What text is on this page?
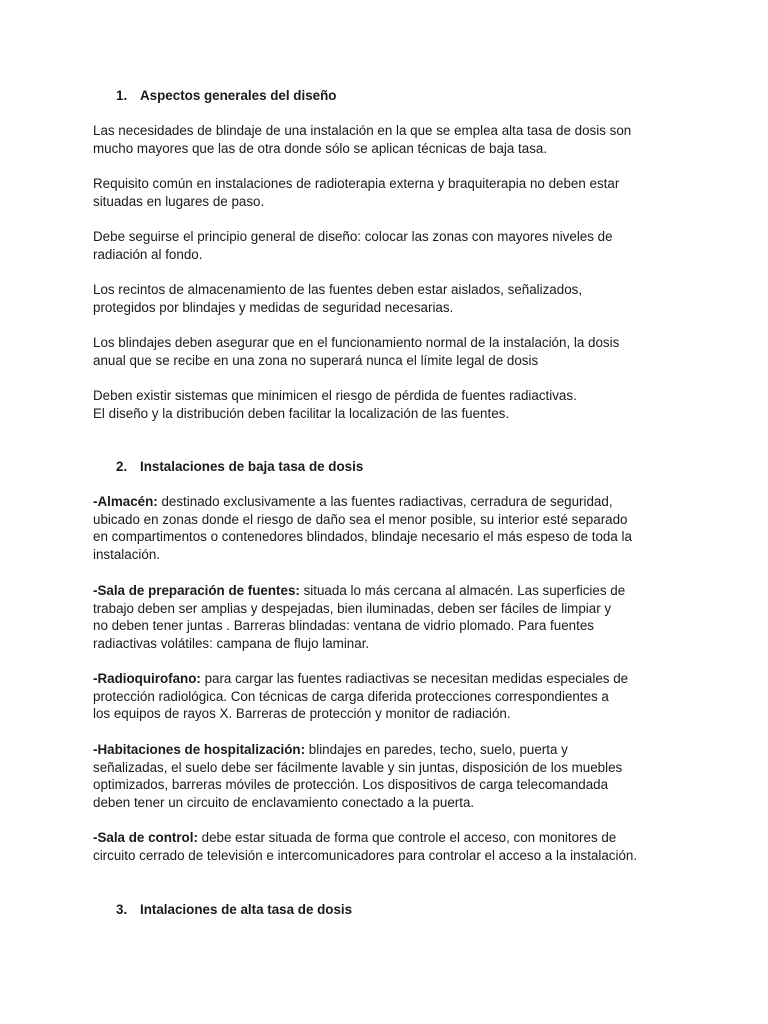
1. Aspectos generales del diseño

Las necesidades de blindaje de una instalación en la que se emplea alta tasa de dosis son
mucho mayores que las de otra donde sólo se aplican técnicas de baja tasa.

Requisito común en instalaciones de radioterapia externa y braquiterapia no deben estar
situadas en lugares de paso.

Debe seguirse el principio general de diseño: colocar las zonas con mayores niveles de
radiación al fondo.

Los recintos de almacenamiento de las fuentes deben estar aislados, señalizados,
protegidos por blindajes y medidas de seguridad necesarias.

Los blindajes deben asegurar que en el funcionamiento normal de la instalación, la dosis
anual que se recibe en una zona no superará nunca el límite legal de dosis

Deben existir sistemas que minimicen el riesgo de pérdida de fuentes radiactivas.
El diseño y la distribución deben facilitar la localización de las fuentes.

2. Instalaciones de baja tasa de dosis

-Almacén: destinado exclusivamente a las fuentes radiactivas, cerradura de seguridad,
ubicado en zonas donde el riesgo de daño sea el menor posible, su interior esté separado
en compartimentos o contenedores blindados, blindaje necesario el más espeso de toda la
instalación.

-Sala de preparación de fuentes: situada lo más cercana al almacén. Las superficies de
trabajo deben ser amplias y despejadas, bien iluminadas, deben ser fáciles de limpiar y
no deben tener juntas . Barreras blindadas: ventana de vidrio plomado. Para fuentes
radiactivas volátiles: campana de flujo laminar.

-Radioquirofano: para cargar las fuentes radiactivas se necesitan medidas especiales de
protección radiológica. Con técnicas de carga diferida protecciones correspondientes a
los equipos de rayos X. Barreras de protección y monitor de radiación.

-Habitaciones de hospitalización: blindajes en paredes, techo, suelo, puerta y
señalizadas, el suelo debe ser fácilmente lavable y sin juntas, disposición de los muebles
optimizados, barreras móviles de protección. Los dispositivos de carga telecomandada
deben tener un circuito de enclavamiento conectado a la puerta.

-Sala de control: debe estar situada de forma que controle el acceso, con monitores de
circuito cerrado de televisión e intercomunicadores para controlar el acceso a la instalación.

3. Intalaciones de alta tasa de dosis
